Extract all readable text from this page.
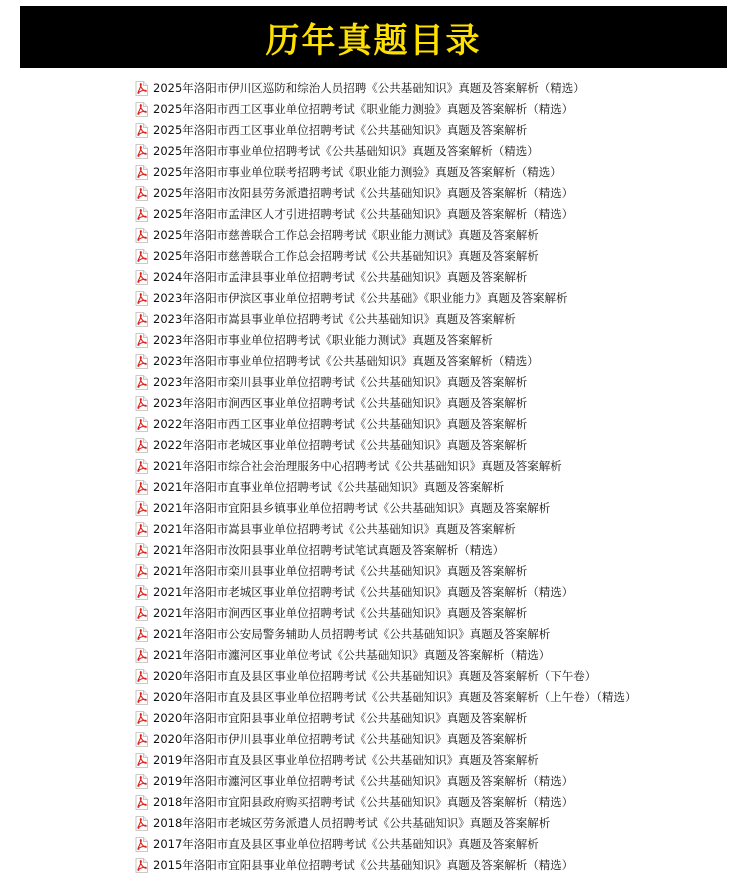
历年真题目录
2025年洛阳市伊川区巡防和综治人员招聘《公共基础知识》真题及答案解析（精选）
2025年洛阳市西工区事业单位招聘考试《职业能力测验》真题及答案解析（精选）
2025年洛阳市西工区事业单位招聘考试《公共基础知识》真题及答案解析
2025年洛阳市事业单位招聘考试《公共基础知识》真题及答案解析（精选）
2025年洛阳市事业单位联考招聘考试《职业能力测验》真题及答案解析（精选）
2025年洛阳市汝阳县劳务派遣招聘考试《公共基础知识》真题及答案解析（精选）
2025年洛阳市孟津区人才引进招聘考试《公共基础知识》真题及答案解析（精选）
2025年洛阳市慈善联合工作总会招聘考试《职业能力测试》真题及答案解析
2025年洛阳市慈善联合工作总会招聘考试《公共基础知识》真题及答案解析
2024年洛阳市孟津县事业单位招聘考试《公共基础知识》真题及答案解析
2023年洛阳市伊滨区事业单位招聘考试《公共基础》《职业能力》真题及答案解析
2023年洛阳市嵩县事业单位招聘考试《公共基础知识》真题及答案解析
2023年洛阳市事业单位招聘考试《职业能力测试》真题及答案解析
2023年洛阳市事业单位招聘考试《公共基础知识》真题及答案解析（精选）
2023年洛阳市栾川县事业单位招聘考试《公共基础知识》真题及答案解析
2023年洛阳市涧西区事业单位招聘考试《公共基础知识》真题及答案解析
2022年洛阳市西工区事业单位招聘考试《公共基础知识》真题及答案解析
2022年洛阳市老城区事业单位招聘考试《公共基础知识》真题及答案解析
2021年洛阳市综合社会治理服务中心招聘考试《公共基础知识》真题及答案解析
2021年洛阳市直事业单位招聘考试《公共基础知识》真题及答案解析
2021年洛阳市宜阳县乡镇事业单位招聘考试《公共基础知识》真题及答案解析
2021年洛阳市嵩县事业单位招聘考试《公共基础知识》真题及答案解析
2021年洛阳市汝阳县事业单位招聘考试笔试真题及答案解析（精选）
2021年洛阳市栾川县事业单位招聘考试《公共基础知识》真题及答案解析
2021年洛阳市老城区事业单位招聘考试《公共基础知识》真题及答案解析（精选）
2021年洛阳市涧西区事业单位招聘考试《公共基础知识》真题及答案解析
2021年洛阳市公安局警务辅助人员招聘考试《公共基础知识》真题及答案解析
2021年洛阳市瀍河区事业单位考试《公共基础知识》真题及答案解析（精选）
2020年洛阳市直及县区事业单位招聘考试《公共基础知识》真题及答案解析（下午卷）
2020年洛阳市直及县区事业单位招聘考试《公共基础知识》真题及答案解析（上午卷）（精选）
2020年洛阳市宜阳县事业单位招聘考试《公共基础知识》真题及答案解析
2020年洛阳市伊川县事业单位招聘考试《公共基础知识》真题及答案解析
2019年洛阳市直及县区事业单位招聘考试《公共基础知识》真题及答案解析
2019年洛阳市瀍河区事业单位招聘考试《公共基础知识》真题及答案解析（精选）
2018年洛阳市宜阳县政府购买招聘考试《公共基础知识》真题及答案解析（精选）
2018年洛阳市老城区劳务派遣人员招聘考试《公共基础知识》真题及答案解析
2017年洛阳市直及县区事业单位招聘考试《公共基础知识》真题及答案解析
2015年洛阳市宜阳县事业单位招聘考试《公共基础知识》真题及答案解析（精选）
